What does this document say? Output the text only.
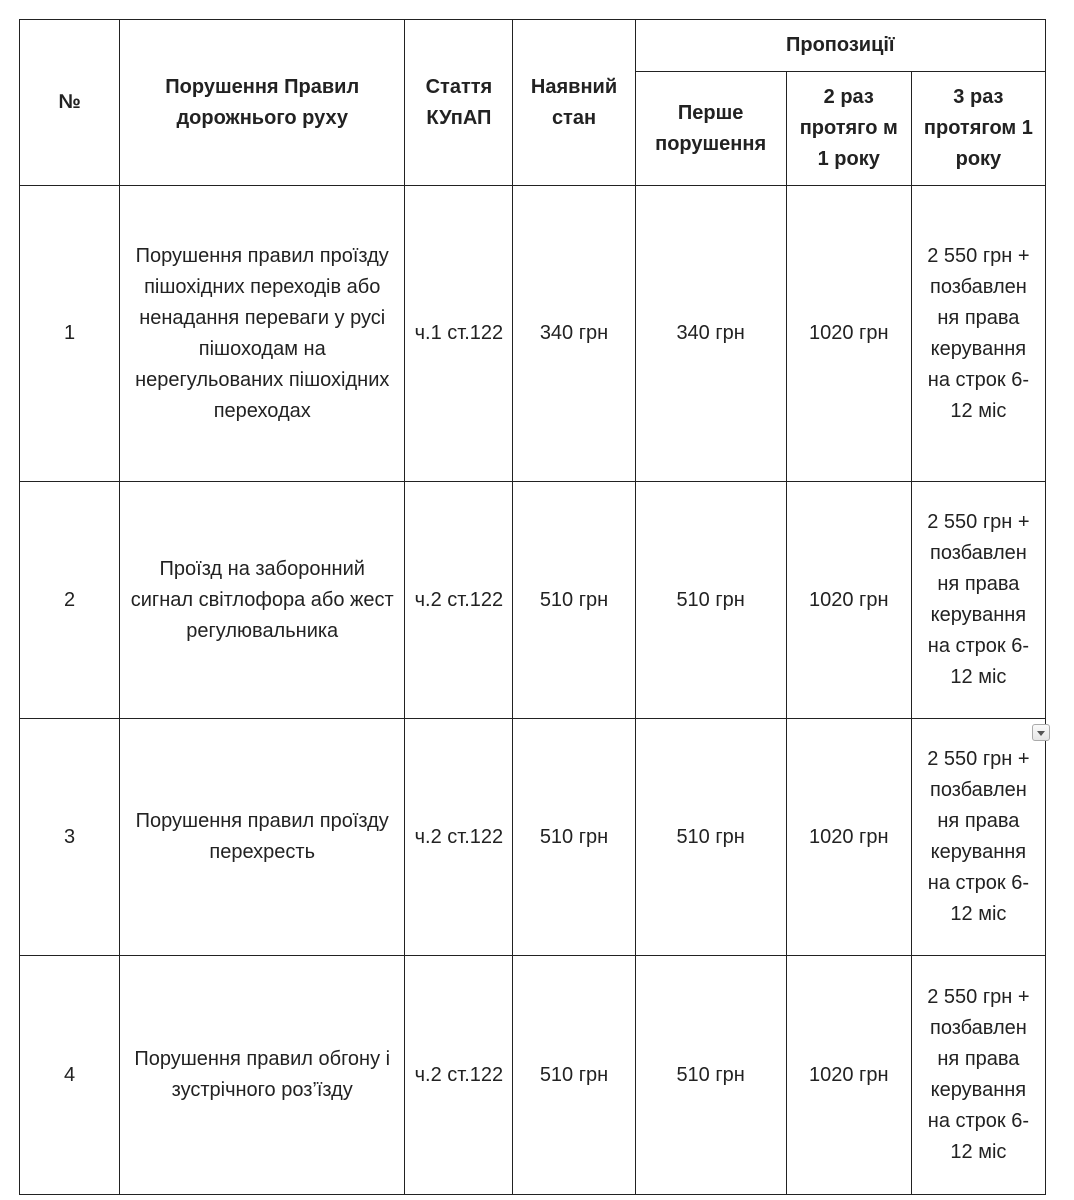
№	Порушення Правил дорожнього руху	Стаття КУпАП	Наявний стан	Пропозиції		
				Перше порушення	2 раз протяго м 1 року	3 раз протягом 1 року
1	Порушення правил проїзду пішохідних переходів або ненадання переваги у русі пішоходам на нерегульованих пішохідних переходах	ч.1 ст.122	340 грн	340 грн	1020 грн	2 550 грн + позбавлен ня права керування на строк 6-12 міс
2	Проїзд на заборонний сигнал світлофора або жест регулювальника	ч.2 ст.122	510 грн	510 грн	1020 грн	2 550 грн + позбавлен ня права керування на строк 6-12 міс
3	Порушення правил проїзду перехресть	ч.2 ст.122	510 грн	510 грн	1020 грн	2 550 грн + позбавлен ня права керування на строк 6-12 міс
4	Порушення правил обгону і зустрічного роз’їзду	ч.2 ст.122	510 грн	510 грн	1020 грн	2 550 грн + позбавлен ня права керування на строк 6-12 міс
